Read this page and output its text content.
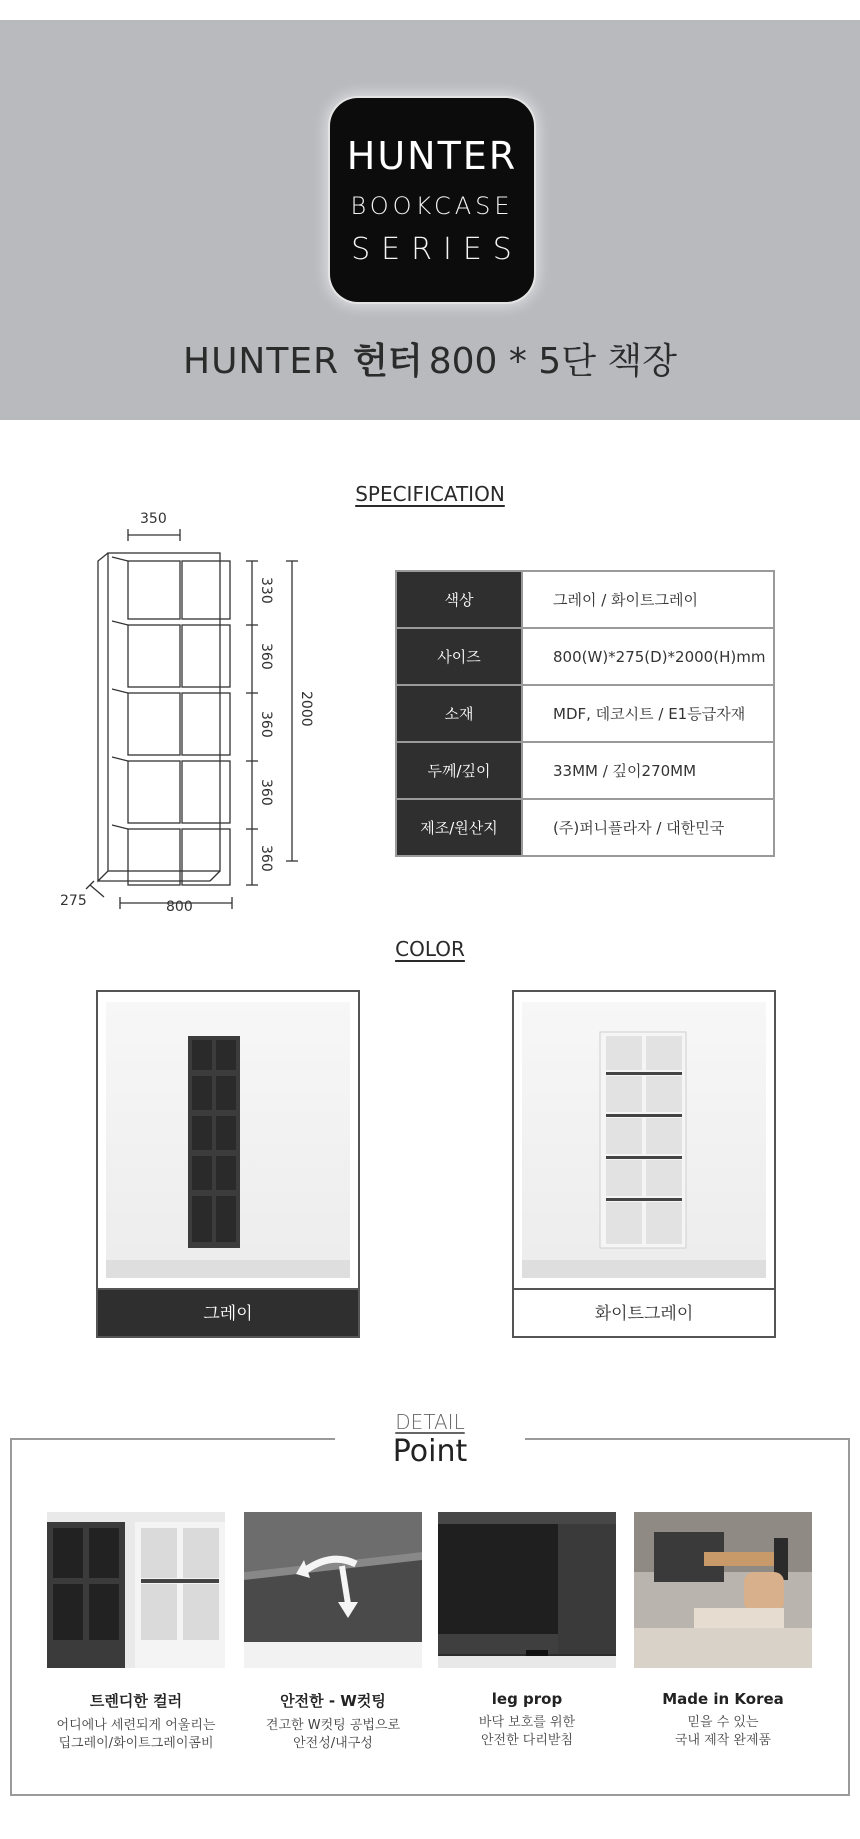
HUNTER
BOOKCASE
SERIES
HUNTER 헌터 800 * 5단 책장
SPECIFICATION
350
330
360
360
360
360
2000
275	800
색상	그레이 / 화이트그레이
사이즈	800(W)*275(D)*2000(H)mm
소재	MDF, 데코시트 / E1등급자재
두께/깊이	33MM / 깊이270MM
제조/원산지	(주)퍼니플라자 / 대한민국
COLOR
그레이	화이트그레이
DETAIL
Point
트렌디한 컬러
어디에나 세련되게 어울리는
딥그레이/화이트그레이콤비
안전한 - W컷팅
견고한 W컷팅 공법으로
안전성/내구성
leg prop
바닥 보호를 위한
안전한 다리받침
Made in Korea
믿을 수 있는
국내 제작 완제품
